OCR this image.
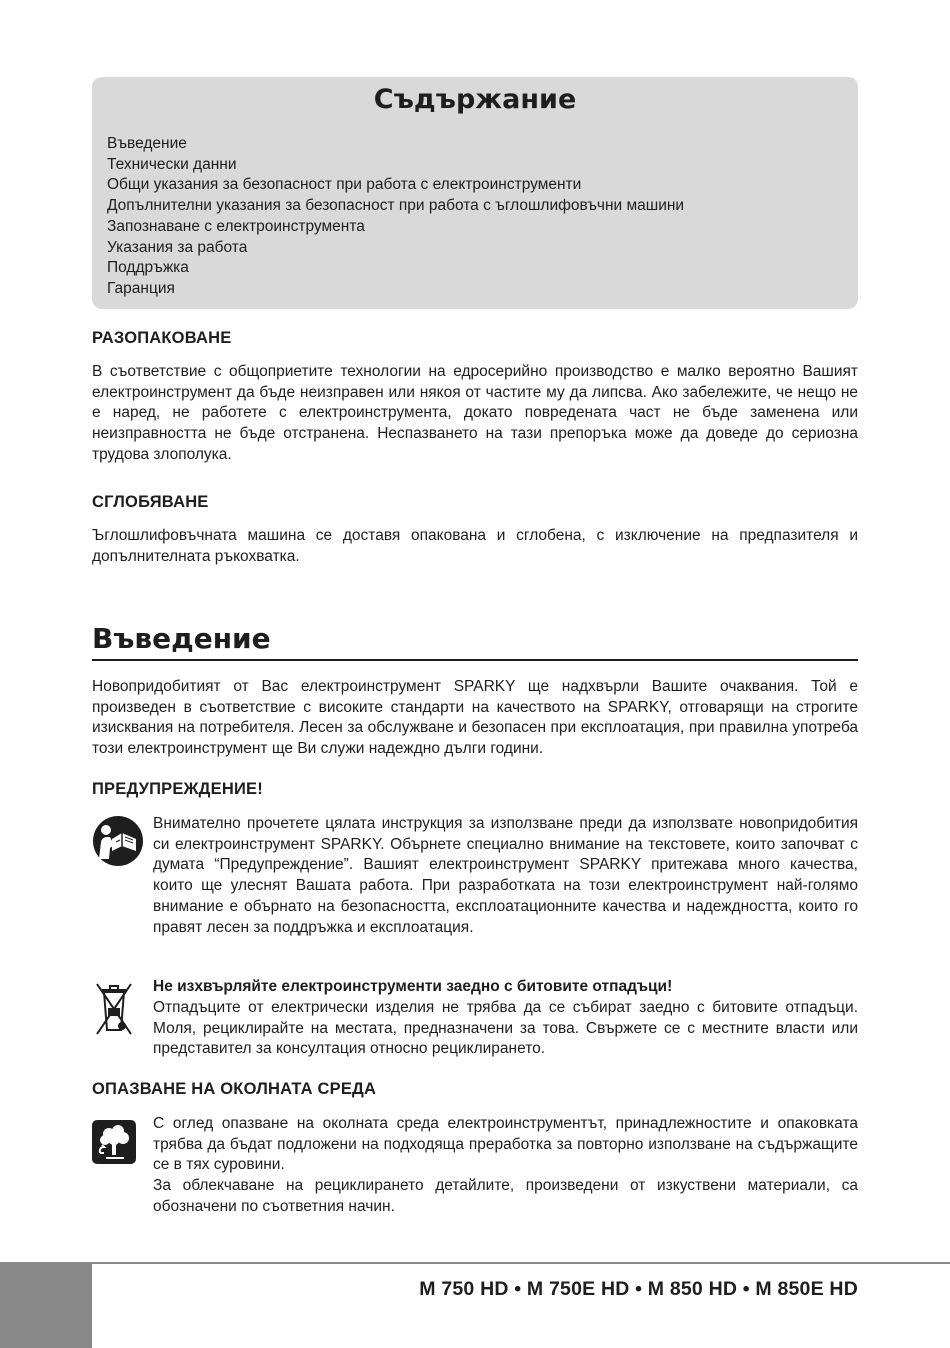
Съдържание
Въведение
Технически данни
Общи указания за безопасност при работа с електроинструменти
Допълнителни указания за безопасност при работа с ъглошлифовъчни машини
Запознаване с електроинструмента
Указания за работа
Поддръжка
Гаранция
РАЗОПАКОВАНЕ

В съответствие с общоприетите технологии на едросерийно производство е малко вероятно Вашият електроинструмент да бъде неизправен или някоя от частите му да липсва. Ако забележите, че нещо не е наред, не работете с електроинструмента, докато повредената част не бъде заменена или неизправността не бъде отстранена. Неспазването на тази препоръка може да доведе до сериозна трудова злополука.

СГЛОБЯВАНЕ

Ъглошлифовъчната машина се доставя опакована и сглобена, с изключение на предпазителя и допълнителната ръкохватка.

Въведение

Новопридобитият от Вас електроинструмент SPARKY ще надхвърли Вашите очаквания. Той е произведен в съответствие с високите стандарти на качеството на SPARKY, отговарящи на строгите изисквания на потребителя. Лесен за обслужване и безопасен при експлоатация, при правилна употреба този електроинструмент ще Ви служи надеждно дълги години.

ПРЕДУПРЕЖДЕНИЕ!

Внимателно прочетете цялата инструкция за използване преди да използвате новопридобития си електроинструмент SPARKY. Обърнете специално внимание на текстовете, които започват с думата “Предупреждение”. Вашият електроинструмент SPARKY притежава много качества, които ще улеснят Вашата работа. При разработката на този електроинструмент най-голямо внимание е обърнато на безопасността, експлоатационните качества и надеждността, които го правят лесен за поддръжка и експлоатация.

Не изхвърляйте електроинструменти заедно с битовите отпадъци!

Отпадъците от електрически изделия не трябва да се събират заедно с битовите отпадъци. Моля, рециклирайте на местата, предназначени за това. Свържете се с местните власти или представител за консултация относно рециклирането.

ОПАЗВАНЕ НА ОКОЛНАТА СРЕДА

С оглед опазване на околната среда електроинструментът, принадлежностите и опаковката трябва да бъдат подложени на подходяща преработка за повторно използване на съдържащите се в тях суровини.

За облекчаване на рециклирането детайлите, произведени от изкуствени материали, са обозначени по съответния начин.

M 750 HD • M 750E HD • M 850 HD • M 850E HD
